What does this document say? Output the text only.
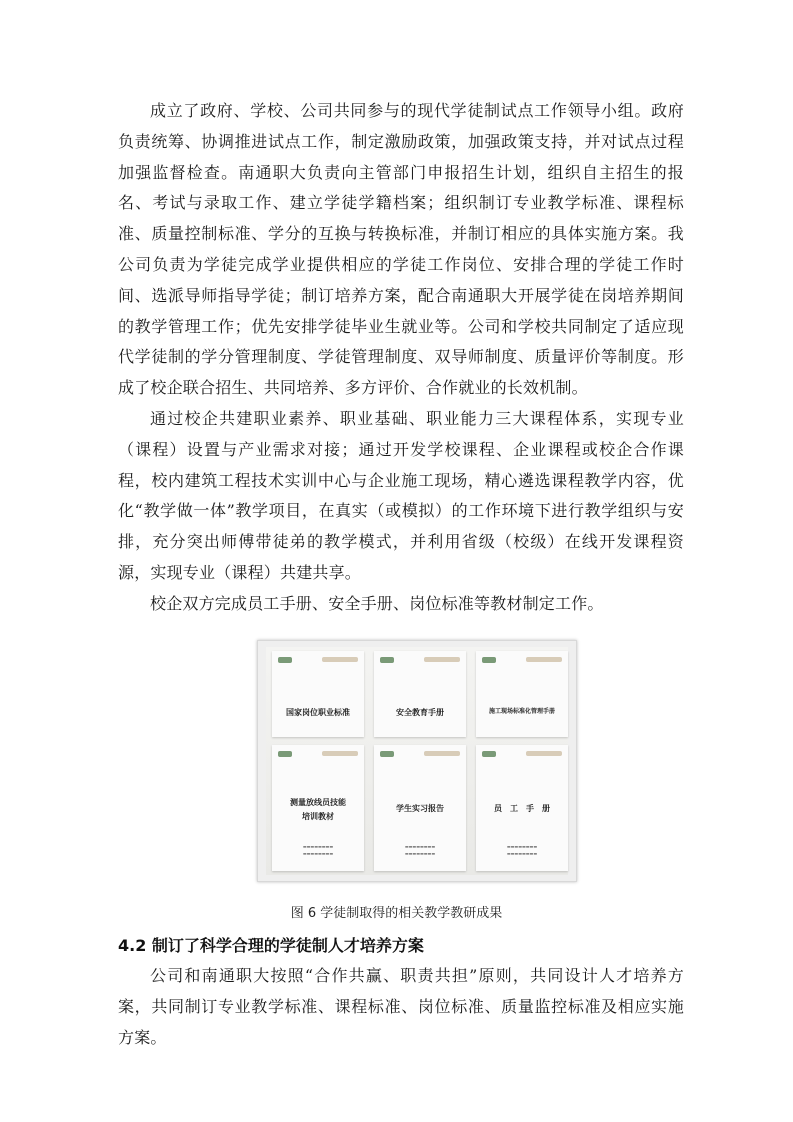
成立了政府、学校、公司共同参与的现代学徒制试点工作领导小组。政府负责统筹、协调推进试点工作，制定激励政策，加强政策支持，并对试点过程加强监督检查。南通职大负责向主管部门申报招生计划，组织自主招生的报名、考试与录取工作、建立学徒学籍档案；组织制订专业教学标准、课程标准、质量控制标准、学分的互换与转换标准，并制订相应的具体实施方案。我公司负责为学徒完成学业提供相应的学徒工作岗位、安排合理的学徒工作时间、选派导师指导学徒；制订培养方案，配合南通职大开展学徒在岗培养期间的教学管理工作；优先安排学徒毕业生就业等。公司和学校共同制定了适应现代学徒制的学分管理制度、学徒管理制度、双导师制度、质量评价等制度。形成了校企联合招生、共同培养、多方评价、合作就业的长效机制。

通过校企共建职业素养、职业基础、职业能力三大课程体系，实现专业（课程）设置与产业需求对接；通过开发学校课程、企业课程或校企合作课程，校内建筑工程技术实训中心与企业施工现场，精心遴选课程教学内容，优化“教学做一体”教学项目，在真实（或模拟）的工作环境下进行教学组织与安排，充分突出师傅带徒弟的教学模式，并利用省级（校级）在线开发课程资源，实现专业（课程）共建共享。

校企双方完成员工手册、安全手册、岗位标准等教材制定工作。

国家岗位职业标准	安全教育手册	施工现场标准化管理手册
测量放线员技能培训教材
▬▬▬▬▬▬▬▬
▬▬▬▬▬▬▬▬
学生实习报告
▬▬▬▬▬▬▬▬
▬▬▬▬▬▬▬▬
员　工　手　册
▬▬▬▬▬▬▬▬
▬▬▬▬▬▬▬▬
图 6 学徒制取得的相关教学教研成果
4.2 制订了科学合理的学徒制人才培养方案

公司和南通职大按照“合作共赢、职责共担”原则，共同设计人才培养方案，共同制订专业教学标准、课程标准、岗位标准、质量监控标准及相应实施方案。
